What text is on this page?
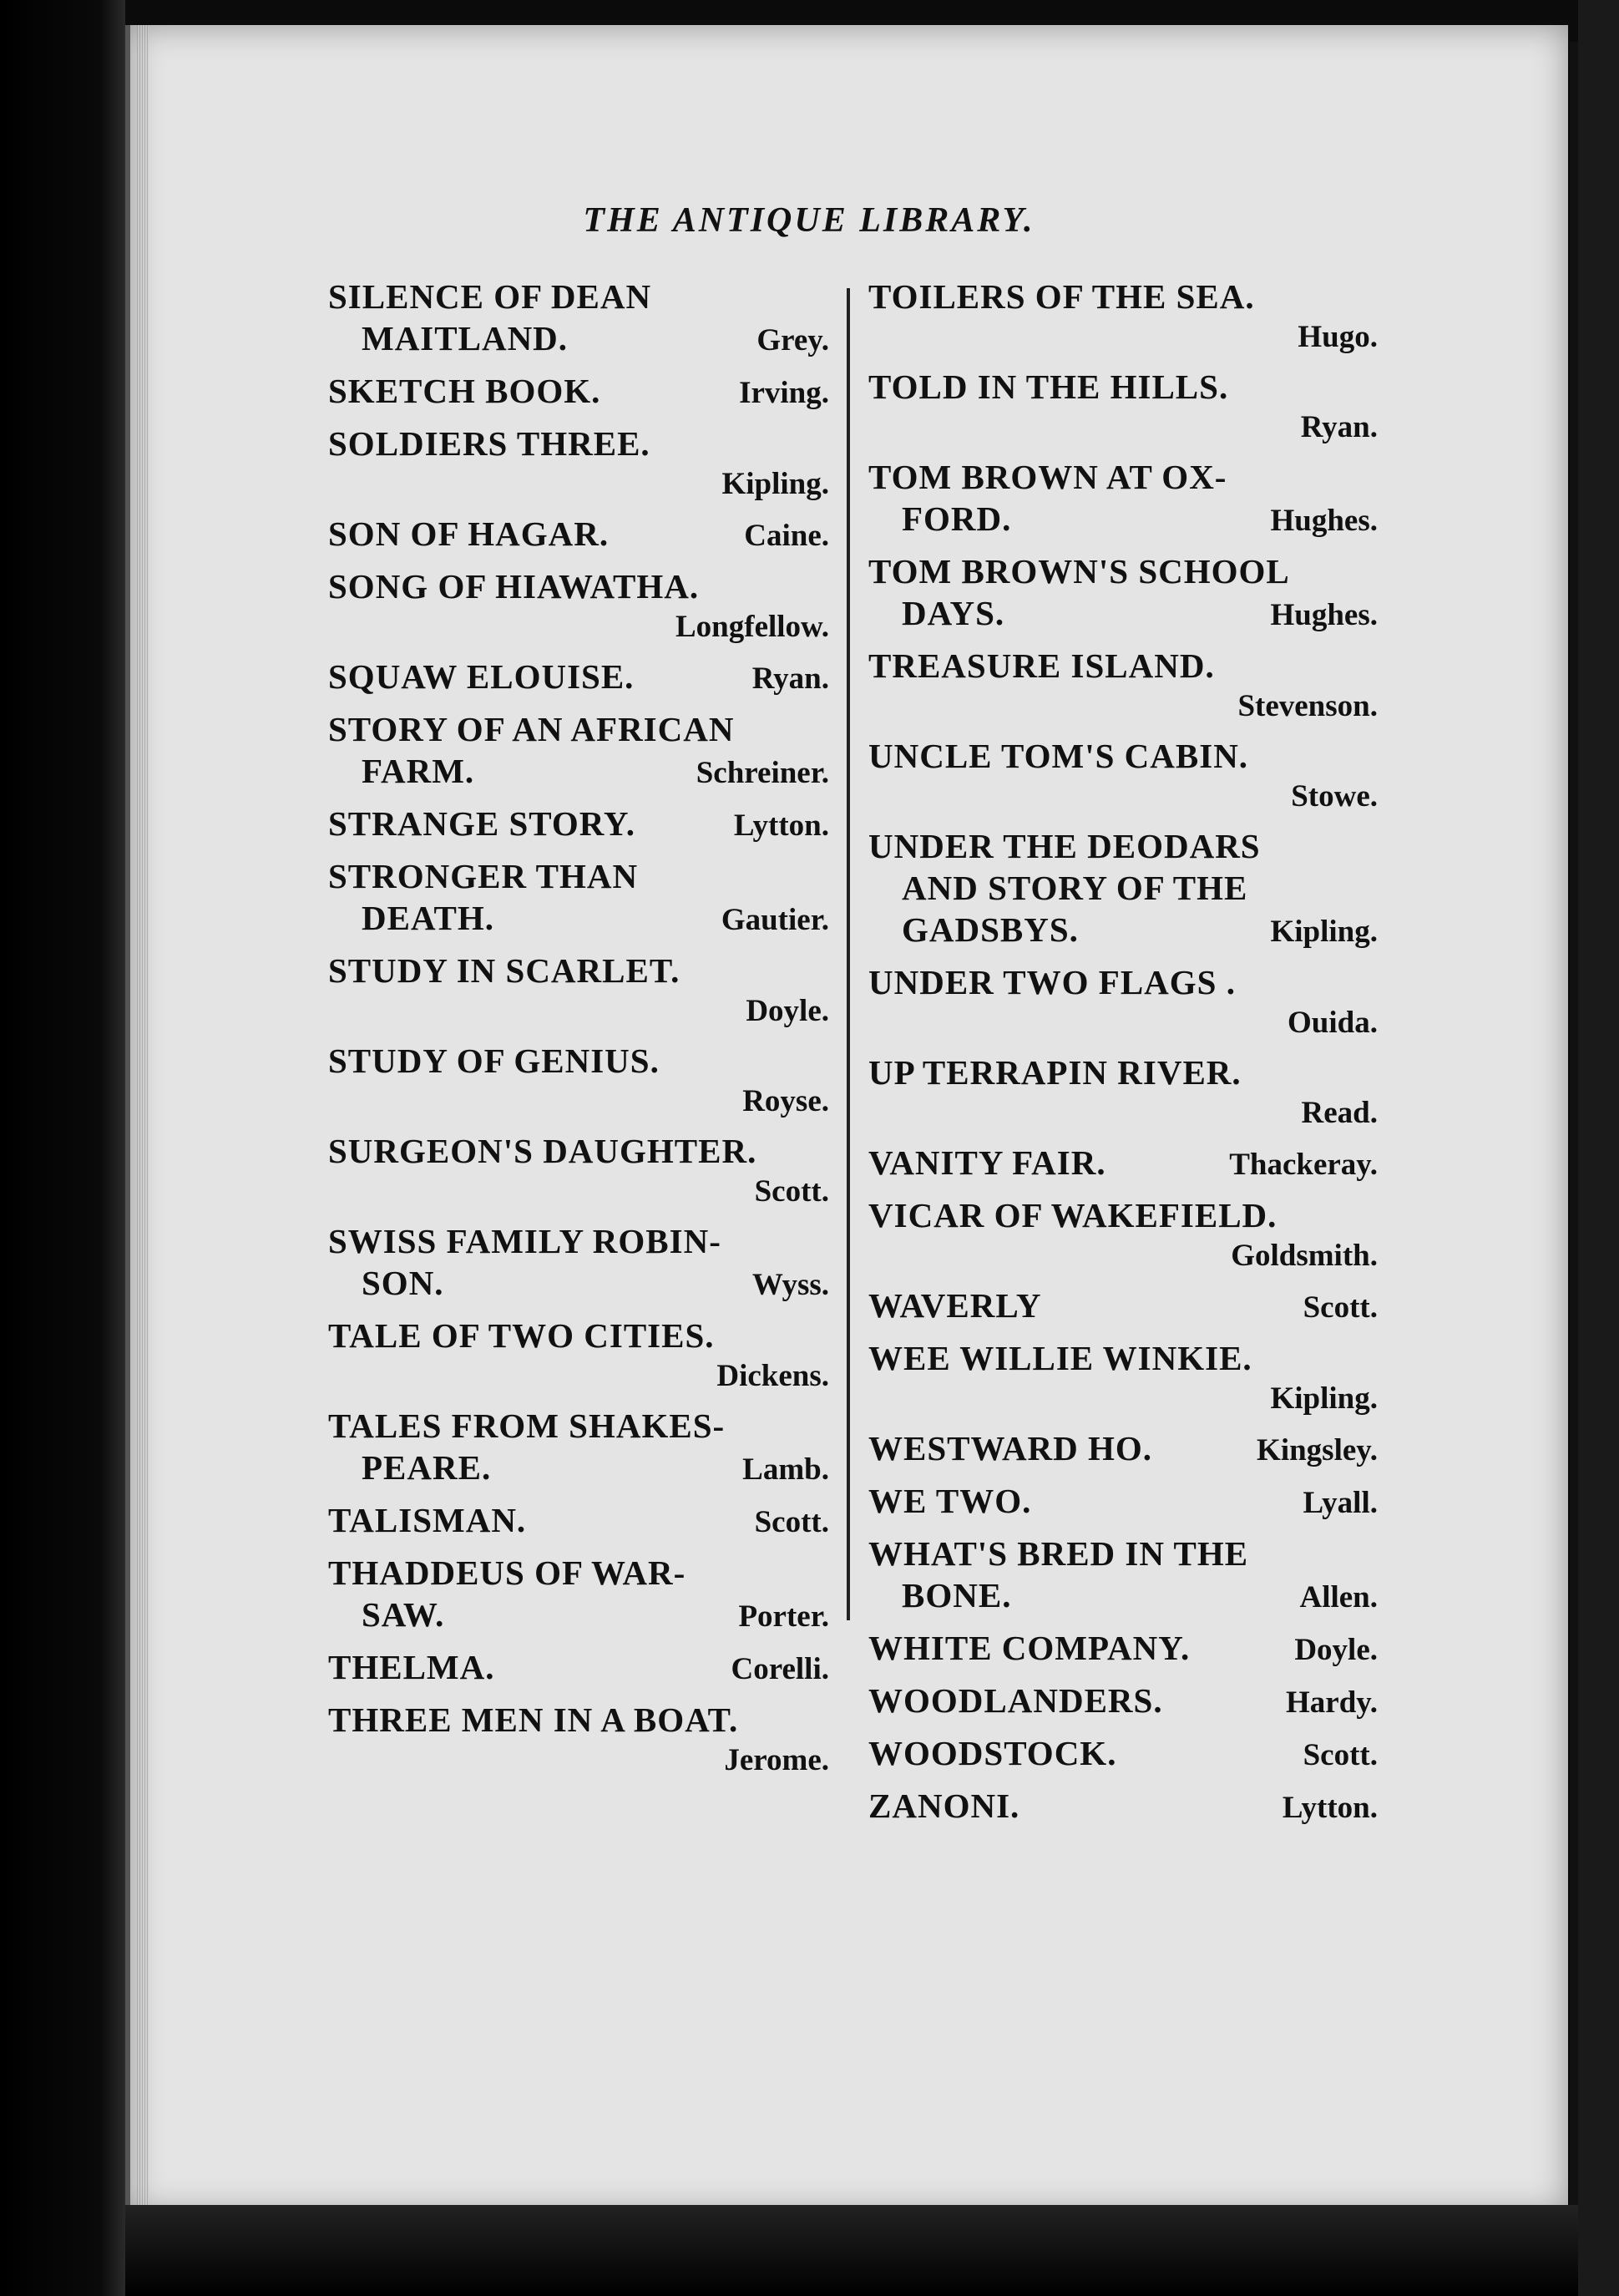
THE ANTIQUE LIBRARY.
SILENCE OF DEAN
MAITLAND.	Grey.
SKETCH BOOK.	Irving.
SOLDIERS THREE.
Kipling.
SON OF HAGAR.	Caine.
SONG OF HIAWATHA.
Longfellow.
SQUAW ELOUISE.	Ryan.
STORY OF AN AFRICAN
FARM.	Schreiner.
STRANGE STORY.	Lytton.
STRONGER THAN
DEATH.	Gautier.
STUDY IN SCARLET.
Doyle.
STUDY OF GENIUS.
Royse.
SURGEON'S DAUGHTER.
Scott.
SWISS FAMILY ROBIN-
SON.	Wyss.
TALE OF TWO CITIES.
Dickens.
TALES FROM SHAKES-
PEARE.	Lamb.
TALISMAN.	Scott.
THADDEUS OF WAR-
SAW.	Porter.
THELMA.	Corelli.
THREE MEN IN A BOAT.
Jerome.
TOILERS OF THE SEA.
Hugo.
TOLD IN THE HILLS.
Ryan.
TOM BROWN AT OX-
FORD.	Hughes.
TOM BROWN'S SCHOOL
DAYS.	Hughes.
TREASURE ISLAND.
Stevenson.
UNCLE TOM'S CABIN.
Stowe.
UNDER THE DEODARS
AND STORY OF THE
GADSBYS.	Kipling.
UNDER TWO FLAGS .
Ouida.
UP TERRAPIN RIVER.
Read.
VANITY FAIR.	Thackeray.
VICAR OF WAKEFIELD.
Goldsmith.
WAVERLY	Scott.
WEE WILLIE WINKIE.
Kipling.
WESTWARD HO.	Kingsley.
WE TWO.	Lyall.
WHAT'S BRED IN THE
BONE.	Allen.
WHITE COMPANY.	Doyle.
WOODLANDERS.	Hardy.
WOODSTOCK.	Scott.
ZANONI.	Lytton.
